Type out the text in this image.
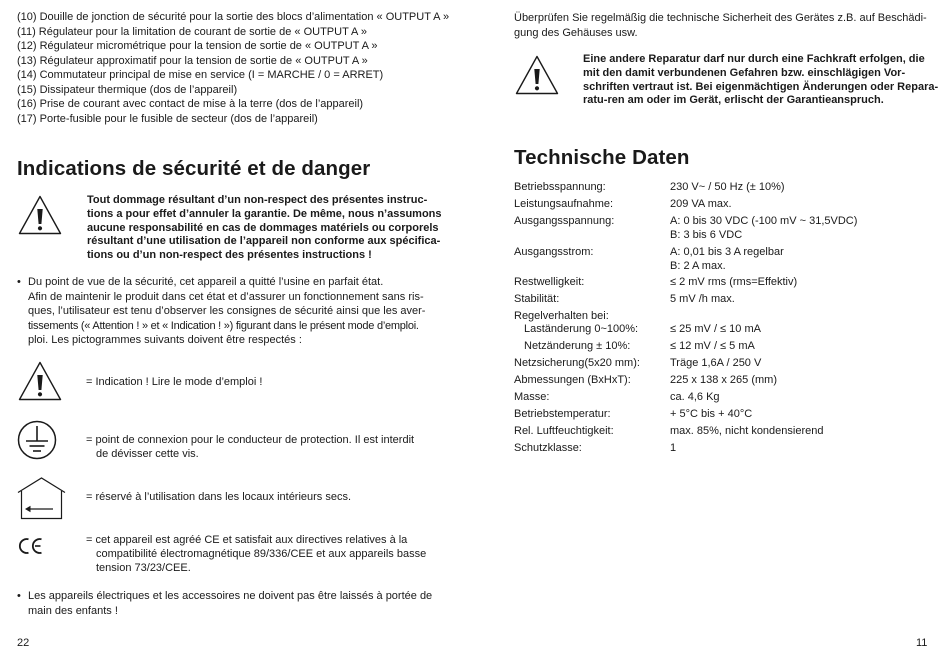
(10) Douille de jonction de sécurité pour la sortie des blocs d’alimentation « OUTPUT A »
(11) Régulateur pour la limitation de courant de sortie de « OUTPUT A »
(12) Régulateur micrométrique pour la tension de sortie de « OUTPUT A »
(13) Régulateur approximatif pour la tension de sortie de « OUTPUT A »
(14) Commutateur principal de mise en service (I = MARCHE / 0 = ARRET)
(15) Dissipateur thermique (dos de l’appareil)
(16) Prise de courant avec contact de mise à la terre (dos de l’appareil)
(17) Porte-fusible pour le fusible de secteur (dos de l’appareil)
Indications de sécurité et de danger
Tout dommage résultant d’un non-respect des présentes instruc-
tions a pour effet d’annuler la garantie. De même, nous n’assumons
aucune responsabilité en cas de dommages matériels ou corporels
résultant d’une utilisation de l’appareil non conforme aux spécifica-
tions ou d’un non-respect des présentes instructions !
• Du point de vue de la sécurité, cet appareil a quitté l’usine en parfait état.
Afin de maintenir le produit dans cet état et d’assurer un fonctionnement sans ris-
ques, l’utilisateur est tenu d’observer les consignes de sécurité ainsi que les aver-
tissements (« Attention ! » et « Indication ! ») figurant dans le présent mode d’emploi.
ploi. Les pictogrammes suivants doivent être respectés :
= Indication ! Lire le mode d’emploi !
= point de connexion pour le conducteur de protection. Il est interdit
de dévisser cette vis.
= réservé à l’utilisation dans les locaux intérieurs secs.
= cet appareil est agréé CE et satisfait aux directives relatives à la
compatibilité électromagnétique 89/336/CEE et aux appareils basse
tension 73/23/CEE.
• Les appareils électriques et les accessoires ne doivent pas être laissés à portée de
main des enfants !
22
Überprüfen Sie regelmäßig die technische Sicherheit des Gerätes z.B. auf Beschädi-
gung des Gehäuses usw.
Eine andere Reparatur darf nur durch eine Fachkraft erfolgen, die
mit den damit verbundenen Gefahren bzw. einschlägigen Vor-
schriften vertraut ist. Bei eigenmächtigen Änderungen oder Repara-
ratu-ren am oder im Gerät, erlischt der Garantieanspruch.
Technische Daten
Betriebsspannung:	230 V~ / 50 Hz (± 10%)
Leistungsaufnahme:	209 VA max.
Ausgangsspannung:	A: 0 bis 30 VDC (-100 mV ~ 31,5VDC)
B: 3 bis 6 VDC
Ausgangsstrom:	A: 0,01 bis 3 A regelbar
B: 2 A max.
Restwelligkeit:	≤ 2 mV rms (rms=Effektiv)
Stabilität:	5 mV /h max.
Regelverhalten bei:
Laständerung 0~100%:	≤ 25 mV / ≤ 10 mA
Netzänderung ± 10%:	≤ 12 mV / ≤ 5 mA
Netzsicherung(5x20 mm):	Träge 1,6A / 250 V
Abmessungen (BxHxT):	225 x 138 x 265 (mm)
Masse:	ca. 4,6 Kg
Betriebstemperatur:	+ 5°C bis + 40°C
Rel. Luftfeuchtigkeit:	max. 85%, nicht kondensierend
Schutzklasse:	1
11
